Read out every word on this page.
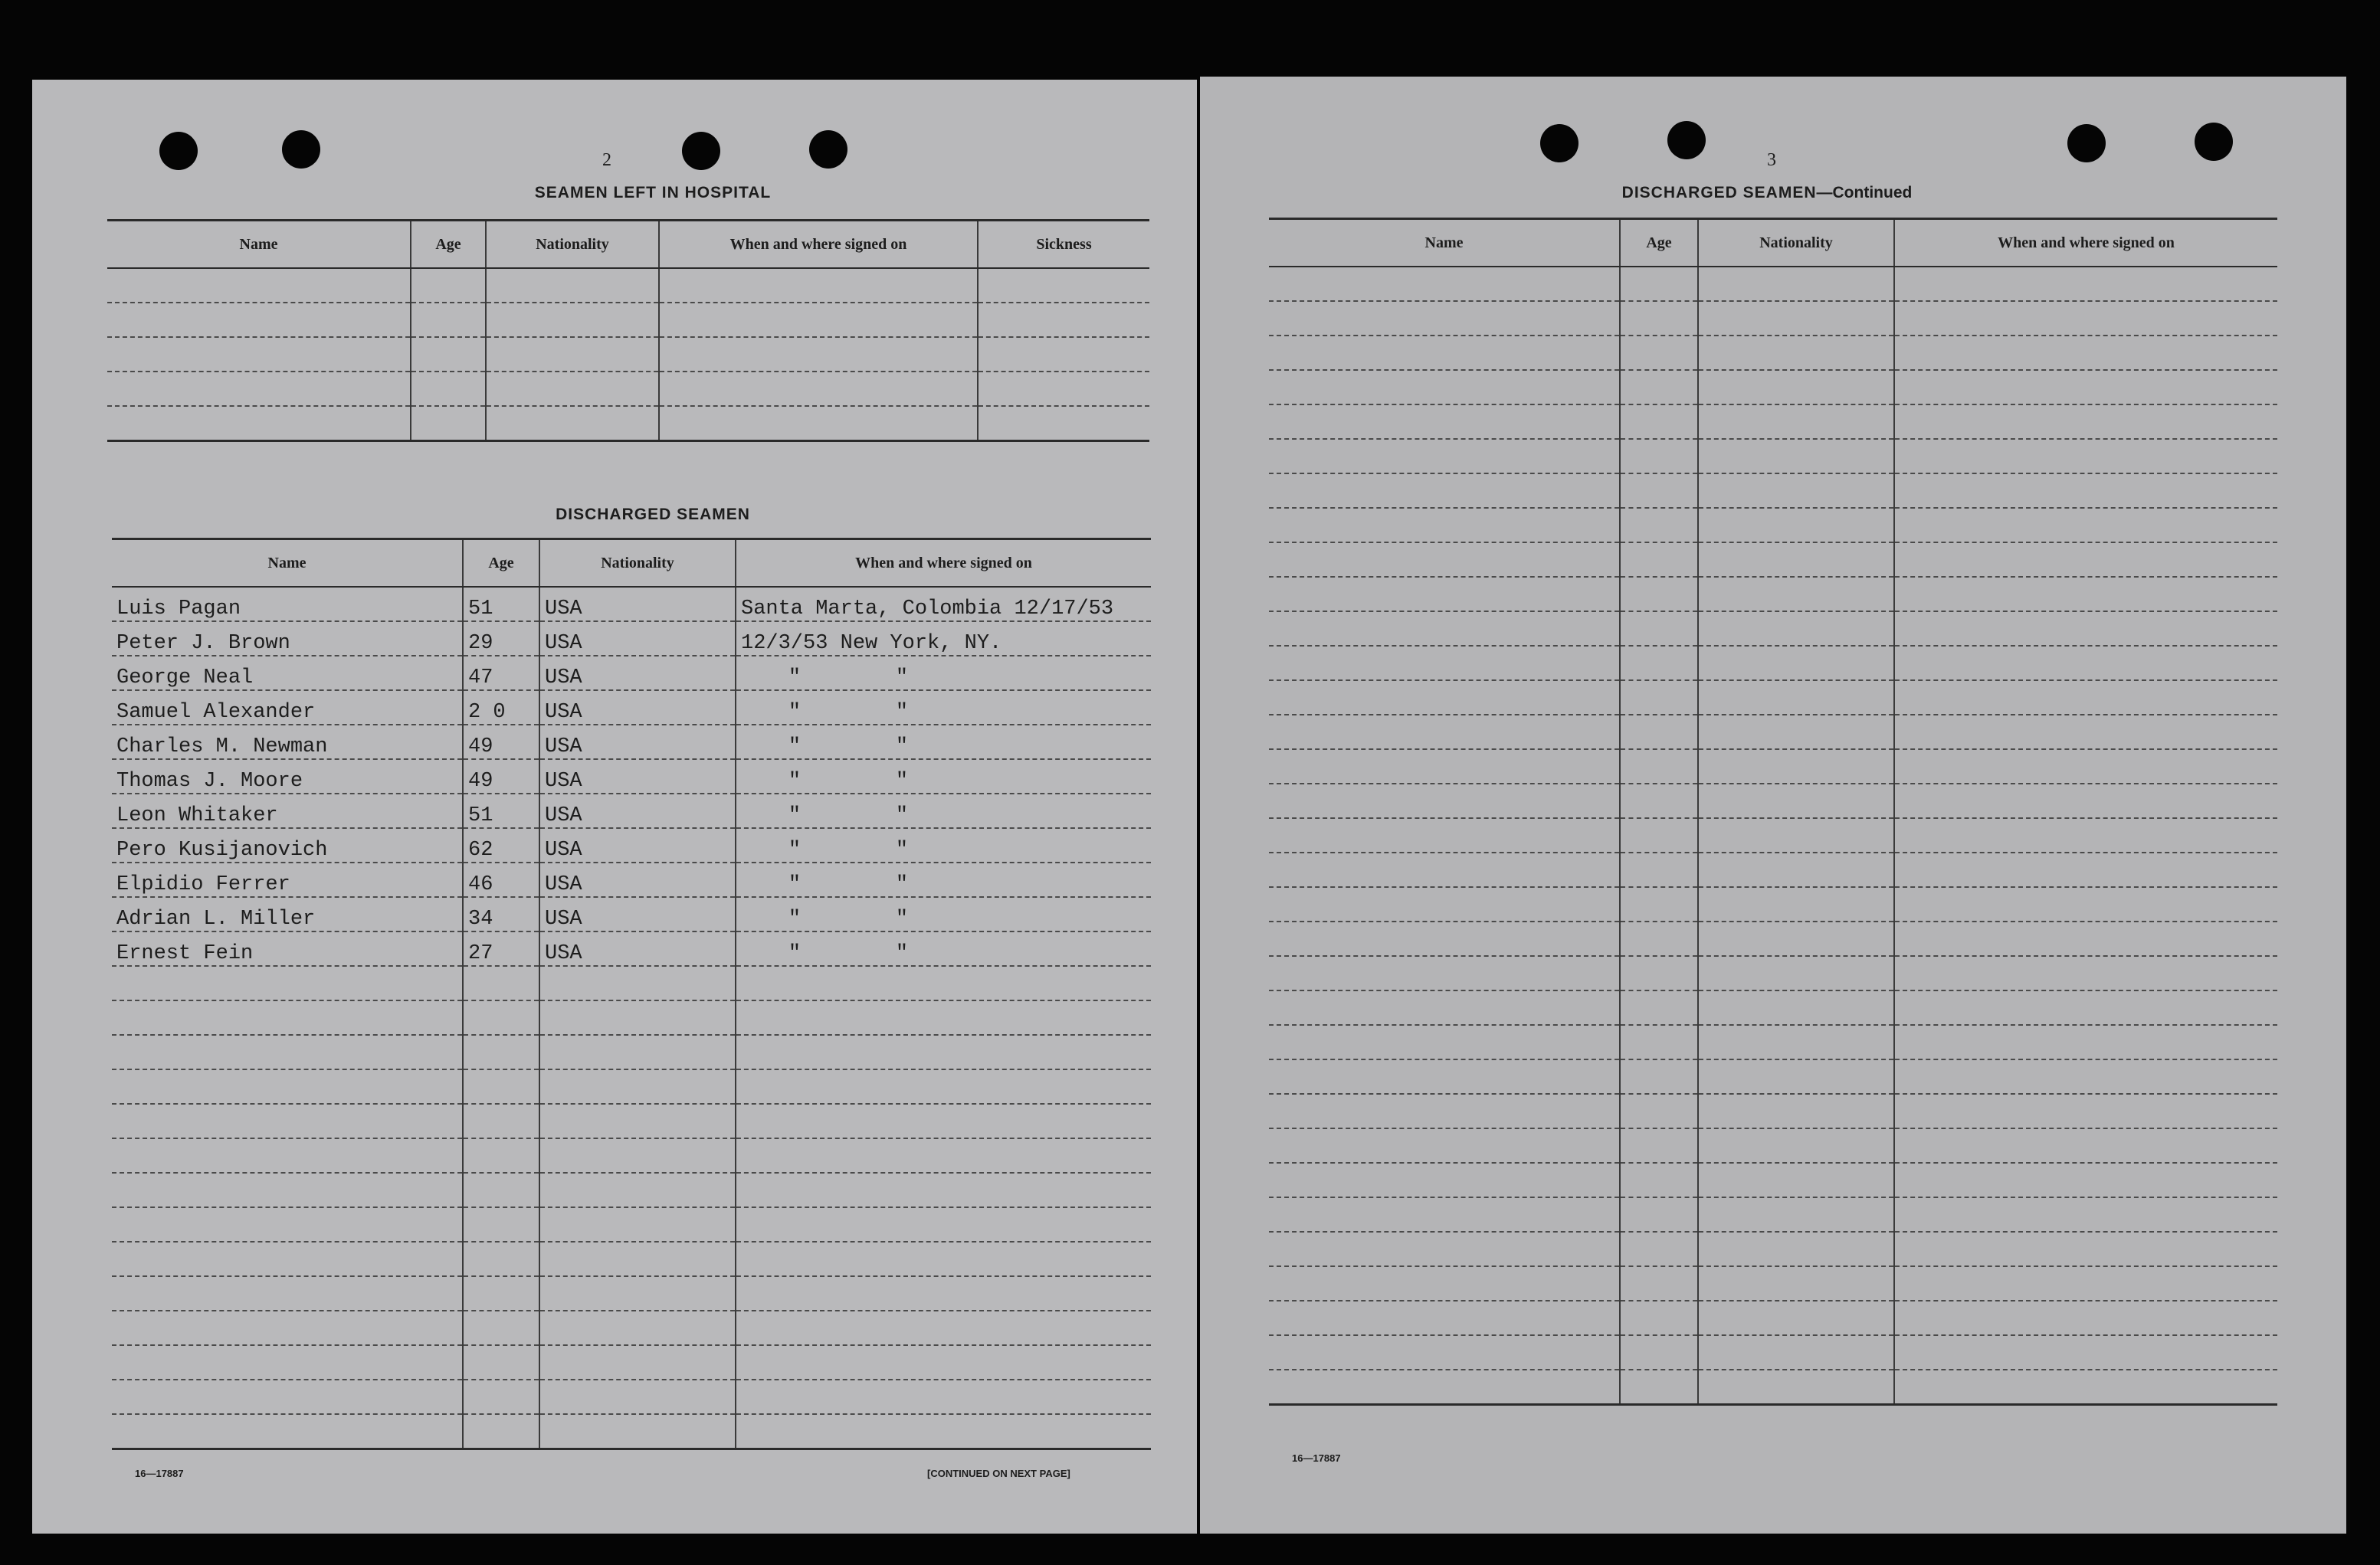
2
SEAMEN LEFT IN HOSPITAL
Name	Age	Nationality	When and where signed on	Sickness

DISCHARGED SEAMEN
Name	Age	Nationality	When and where signed on
Luis Pagan	51	USA	Santa Marta, Colombia 12/17/53
Peter J. Brown	29	USA	12/3/53 New York, NY.
George Neal	47	USA	" "
Samuel Alexander	2 0	USA	" "
Charles M. Newman	49	USA	" "
Thomas J. Moore	49	USA	" "
Leon Whitaker	51	USA	" "
Pero Kusijanovich	62	USA	" "
Elpidio Ferrer	46	USA	" "
Adrian L. Miller	34	USA	" "
Ernest Fein	27	USA	" "

16—17887	[CONTINUED ON NEXT PAGE]
3
DISCHARGED SEAMEN—Continued
Name	Age	Nationality	When and where signed on

16—17887
